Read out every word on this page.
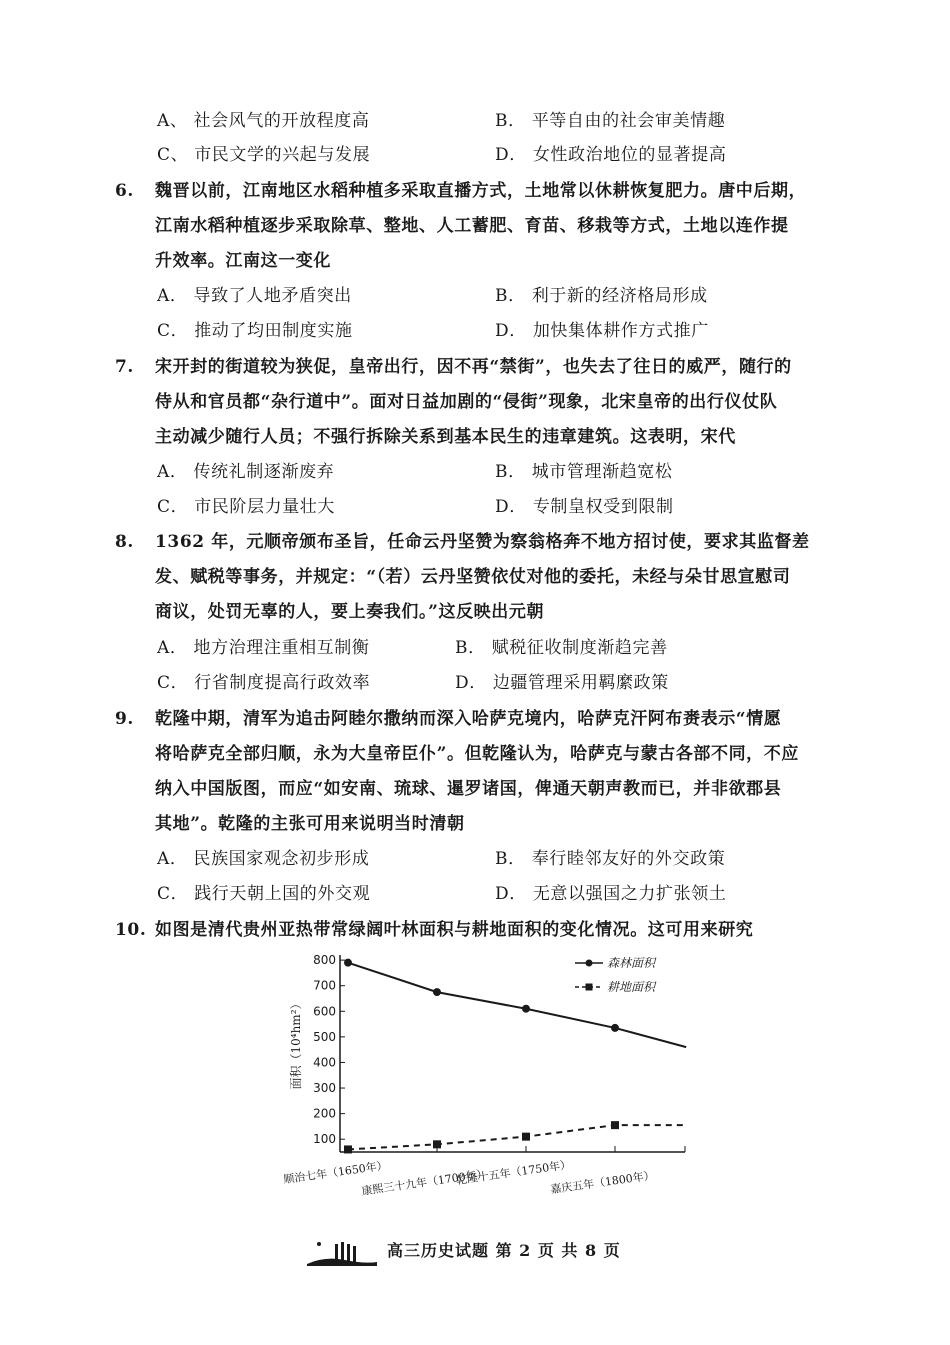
A、 社会风气的开放程度高	B． 平等自由的社会审美情趣
C、 市民文学的兴起与发展	D． 女性政治地位的显著提高
6. 魏晋以前，江南地区水稻种植多采取直播方式，土地常以休耕恢复肥力。唐中后期，
江南水稻种植逐步采取除草、整地、人工蓄肥、育苗、移栽等方式，土地以连作提
升效率。江南这一变化
A． 导致了人地矛盾突出	B． 利于新的经济格局形成
C． 推动了均田制度实施	D． 加快集体耕作方式推广
7. 宋开封的街道较为狭促，皇帝出行，因不再“禁街”，也失去了往日的威严，随行的
侍从和官员都“杂行道中”。面对日益加剧的“侵街”现象，北宋皇帝的出行仪仗队
主动减少随行人员；不强行拆除关系到基本民生的违章建筑。这表明，宋代
A． 传统礼制逐渐废弃	B． 城市管理渐趋宽松
C． 市民阶层力量壮大	D． 专制皇权受到限制
8. 1362 年，元顺帝颁布圣旨，任命云丹坚赞为察翁格奔不地方招讨使，要求其监督差
发、赋税等事务，并规定：“（若）云丹坚赞依仗对他的委托，未经与朵甘思宣慰司
商议，处罚无辜的人，要上奏我们。”这反映出元朝
A． 地方治理注重相互制衡	B． 赋税征收制度渐趋完善
C． 行省制度提高行政效率	D． 边疆管理采用羁縻政策
9. 乾隆中期，清军为追击阿睦尔撒纳而深入哈萨克境内，哈萨克汗阿布赉表示“情愿
将哈萨克全部归顺，永为大皇帝臣仆”。但乾隆认为，哈萨克与蒙古各部不同，不应
纳入中国版图，而应“如安南、琉球、暹罗诸国，俾通天朝声教而已，并非欲郡县
其地”。乾隆的主张可用来说明当时清朝
A． 民族国家观念初步形成	B． 奉行睦邻友好的外交政策
C． 践行天朝上国的外交观	D． 无意以强国之力扩张领土
10. 如图是清代贵州亚热带常绿阔叶林面积与耕地面积的变化情况。这可用来研究
100
200
300
400
500
600
700
800
顺治七年（1650年）
康熙三十九年（1700年）
乾隆十五年（1750年）
嘉庆五年（1800年）
面积（10⁴hm²）
森林面积
耕地面积
高三历史试题 第 2 页 共 8 页
